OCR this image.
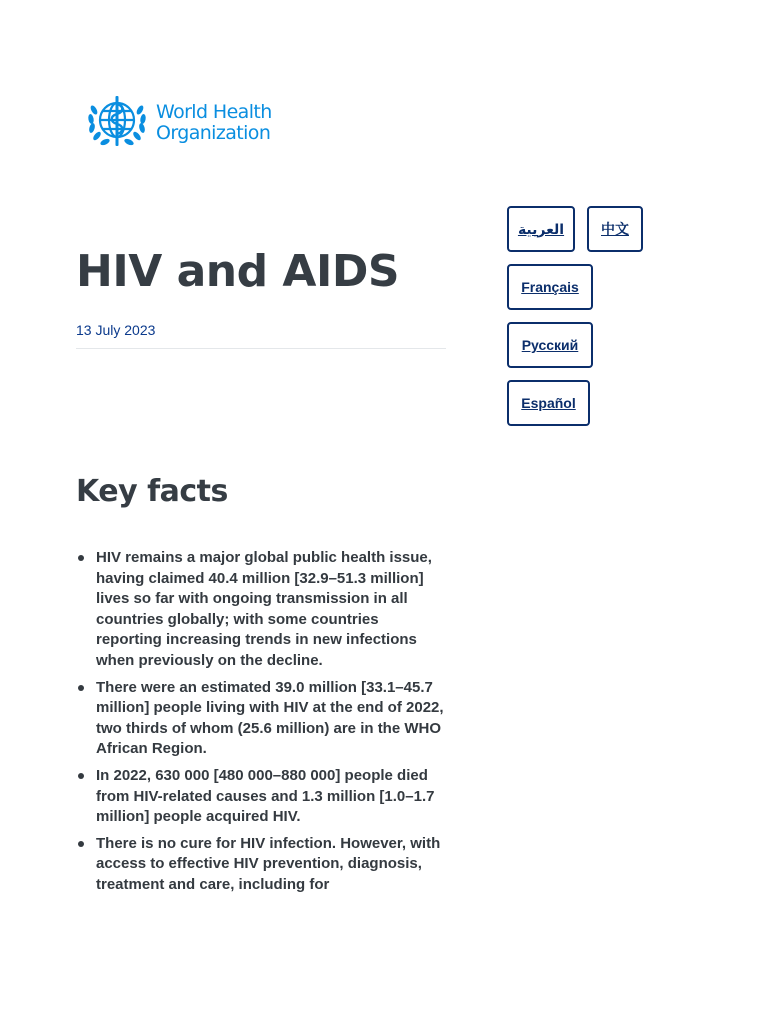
World Health
Organization
HIV and AIDS
13 July 2023
العربية	中文
Français
Русский
Español
Key facts
HIV remains a major global public health issue, having claimed 40.4 million [32.9–51.3 million] lives so far with ongoing transmission in all countries globally; with some countries reporting increasing trends in new infections when previously on the decline.
There were an estimated 39.0 million [33.1–45.7 million] people living with HIV at the end of 2022, two thirds of whom (25.6 million) are in the WHO African Region.
In 2022, 630 000 [480 000–880 000] people died from HIV-related causes and 1.3 million [1.0–1.7 million] people acquired HIV.
There is no cure for HIV infection. However, with access to effective HIV prevention, diagnosis, treatment and care, including for
